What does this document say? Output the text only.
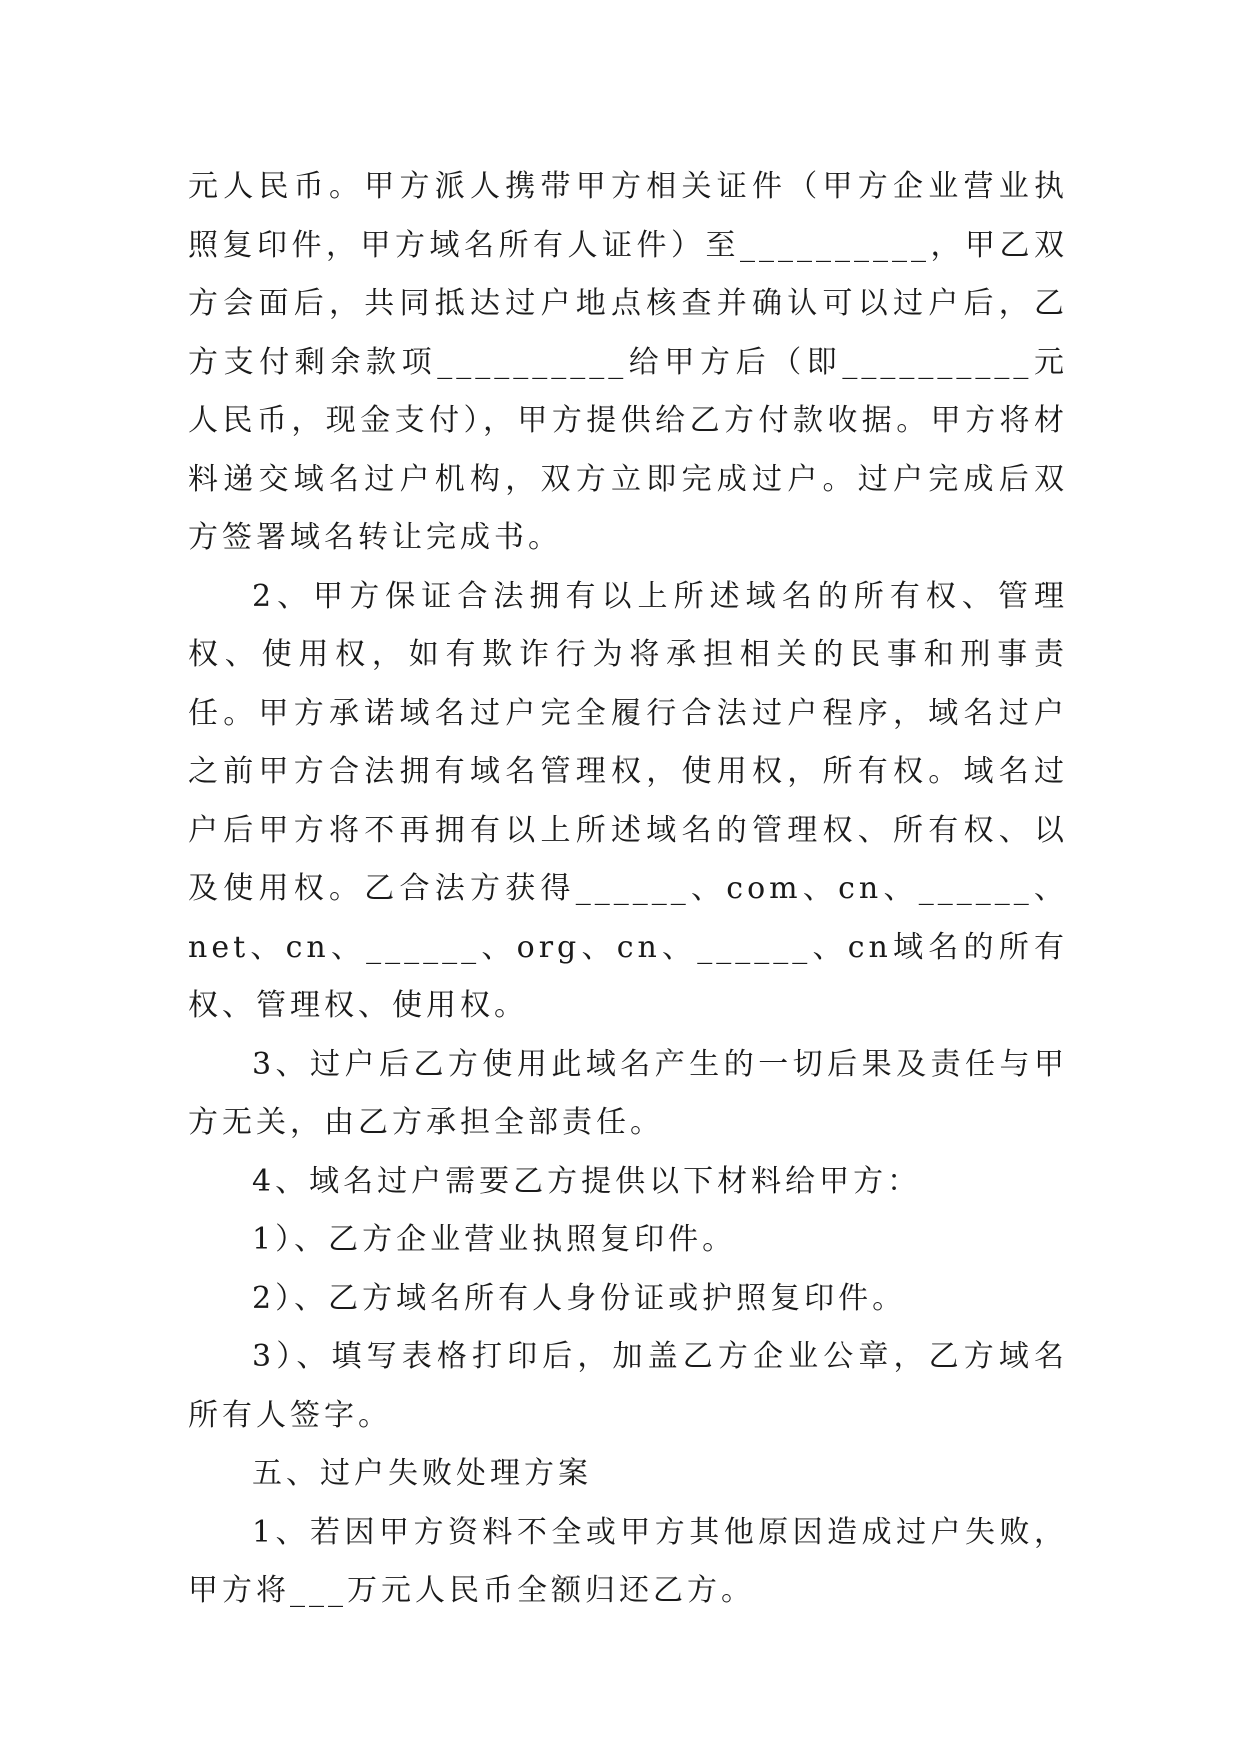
元人民币。甲方派人携带甲方相关证件（甲方企业营业执照复印件，甲方域名所有人证件）至__________，甲乙双方会面后，共同抵达过户地点核查并确认可以过户后，乙方支付剩余款项__________给甲方后（即__________元人民币，现金支付），甲方提供给乙方付款收据。甲方将材料递交域名过户机构，双方立即完成过户。过户完成后双方签署域名转让完成书。

2、甲方保证合法拥有以上所述域名的所有权、管理权、使用权，如有欺诈行为将承担相关的民事和刑事责任。甲方承诺域名过户完全履行合法过户程序，域名过户之前甲方合法拥有域名管理权，使用权，所有权。域名过户后甲方将不再拥有以上所述域名的管理权、所有权、以及使用权。乙合法方获得______、com、cn、______、net、cn、______、org、cn、______、cn域名的所有权、管理权、使用权。

3、过户后乙方使用此域名产生的一切后果及责任与甲方无关，由乙方承担全部责任。

4、域名过户需要乙方提供以下材料给甲方：

1）、乙方企业营业执照复印件。

2）、乙方域名所有人身份证或护照复印件。

3）、填写表格打印后，加盖乙方企业公章，乙方域名所有人签字。

五、过户失败处理方案

1、若因甲方资料不全或甲方其他原因造成过户失败，甲方将___万元人民币全额归还乙方。
